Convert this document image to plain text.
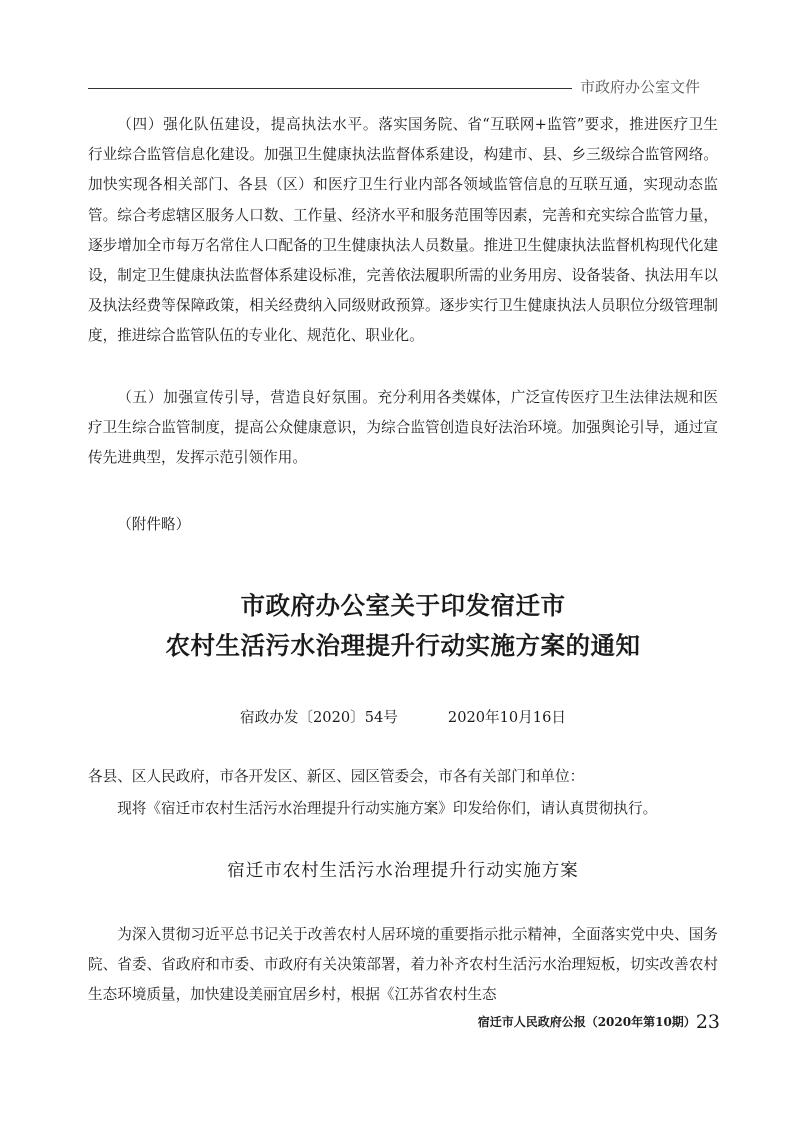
市政府办公室文件

（四）强化队伍建设，提高执法水平。落实国务院、省“互联网+监管”要求，推进医疗卫生行业综合监管信息化建设。加强卫生健康执法监督体系建设，构建市、县、乡三级综合监管网络。加快实现各相关部门、各县（区）和医疗卫生行业内部各领域监管信息的互联互通，实现动态监管。综合考虑辖区服务人口数、工作量、经济水平和服务范围等因素，完善和充实综合监管力量，逐步增加全市每万名常住人口配备的卫生健康执法人员数量。推进卫生健康执法监督机构现代化建设，制定卫生健康执法监督体系建设标准，完善依法履职所需的业务用房、设备装备、执法用车以及执法经费等保障政策，相关经费纳入同级财政预算。逐步实行卫生健康执法人员职位分级管理制度，推进综合监管队伍的专业化、规范化、职业化。

（五）加强宣传引导，营造良好氛围。充分利用各类媒体，广泛宣传医疗卫生法律法规和医疗卫生综合监管制度，提高公众健康意识，为综合监管创造良好法治环境。加强舆论引导，通过宣传先进典型，发挥示范引领作用。

（附件略）
市政府办公室关于印发宿迁市
农村生活污水治理提升行动实施方案的通知
宿政办发〔2020〕54号	2020年10月16日
各县、区人民政府，市各开发区、新区、园区管委会，市各有关部门和单位：
现将《宿迁市农村生活污水治理提升行动实施方案》印发给你们，请认真贯彻执行。
宿迁市农村生活污水治理提升行动实施方案

为深入贯彻习近平总书记关于改善农村人居环境的重要指示批示精神，全面落实党中央、国务院、省委、省政府和市委、市政府有关决策部署，着力补齐农村生活污水治理短板，切实改善农村生态环境质量，加快建设美丽宜居乡村，根据《江苏省农村生态

宿迁市人民政府公报（2020年第10期）23
